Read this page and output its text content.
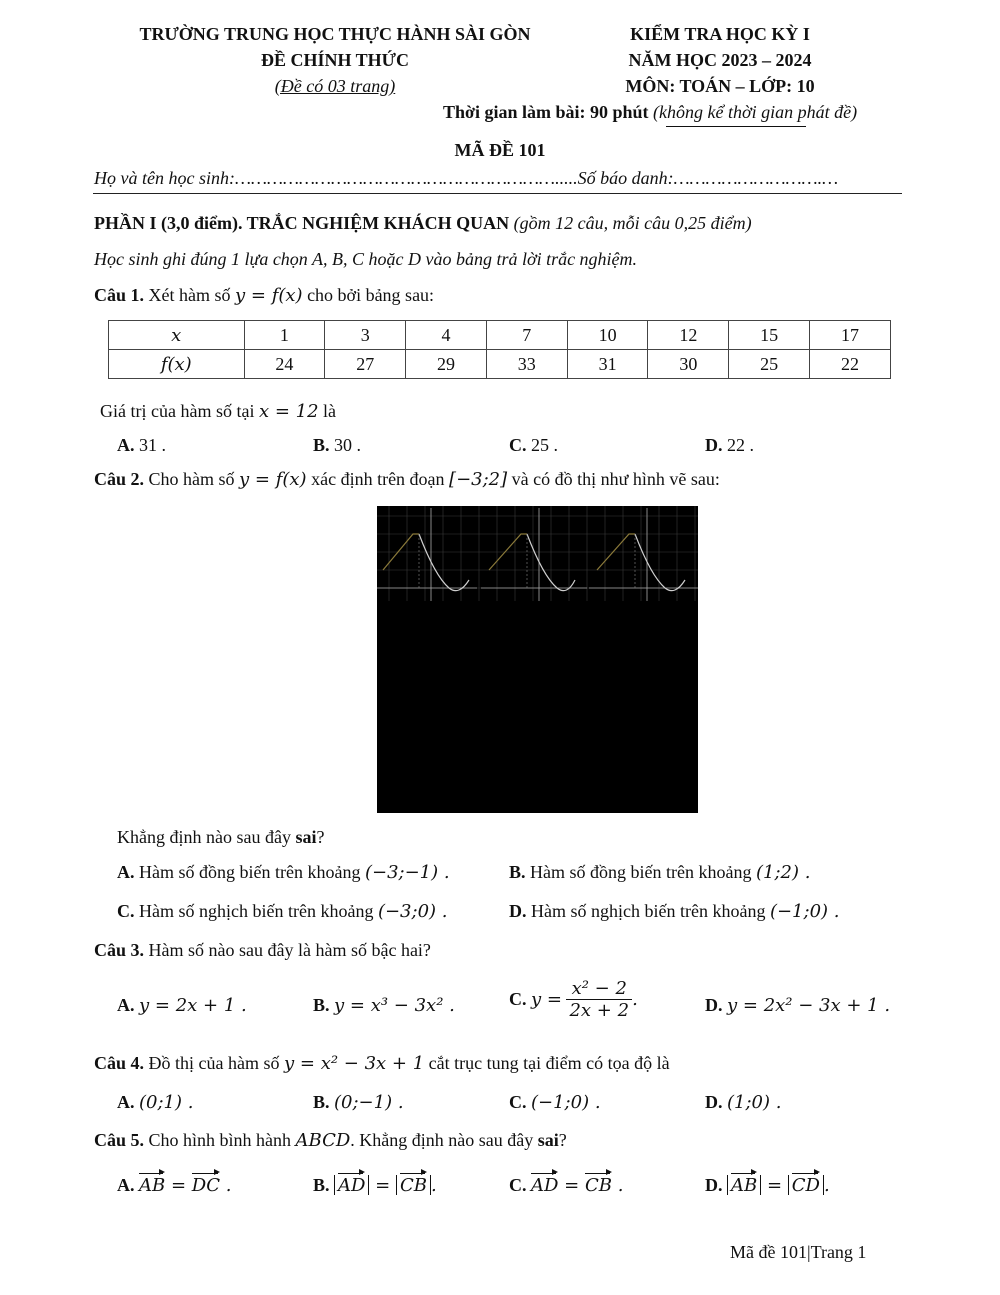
TRƯỜNG TRUNG HỌC THỰC HÀNH SÀI GÒN
ĐỀ CHÍNH THỨC
(Đề có 03 trang)
KIỂM TRA HỌC KỲ I
NĂM HỌC 2023 – 2024
MÔN: TOÁN – LỚP: 10
Thời gian làm bài: 90 phút (không kể thời gian phát đề)
MÃ ĐỀ 101
Họ và tên học sinh:…………………………………………………….....Số báo danh:……………………….…
PHẦN I (3,0 điểm). TRẮC NGHIỆM KHÁCH QUAN (gồm 12 câu, mỗi câu 0,25 điểm)
Học sinh ghi đúng 1 lựa chọn A, B, C hoặc D vào bảng trả lời trắc nghiệm.
Câu 1. Xét hàm số y = f(x) cho bởi bảng sau:
x	1	3	4	7	10	12	15	17
f(x)	24	27	29	33	31	30	25	22
Giá trị của hàm số tại x = 12 là
A. 31 .	B. 30 .	C. 25 .	D. 22 .
Câu 2. Cho hàm số y = f(x) xác định trên đoạn [−3;2] và có đồ thị như hình vẽ sau:
Khẳng định nào sau đây sai?
A. Hàm số đồng biến trên khoảng (−3;−1) .	B. Hàm số đồng biến trên khoảng (1;2) .
C. Hàm số nghịch biến trên khoảng (−3;0) .	D. Hàm số nghịch biến trên khoảng (−1;0) .
Câu 3. Hàm số nào sau đây là hàm số bậc hai?
A. y = 2x + 1 .	B. y = x³ − 3x² .	C. $y = \frac{\text{x² − 2}}{2x + 2}$ .	D. y = 2x² − 3x + 1 .
Câu 4. Đồ thị của hàm số y = x² − 3x + 1 cắt trục tung tại điểm có tọa độ là
A. (0;1) .	B. (0;−1) .	C. (−1;0) .	D. (1;0) .
Câu 5. Cho hình bình hành ABCD. Khẳng định nào sau đây sai?
A. AB = DC .	B. AD = CB .	C. AD = CB .	D. AB = CD .
Mã đề 101|Trang 1
